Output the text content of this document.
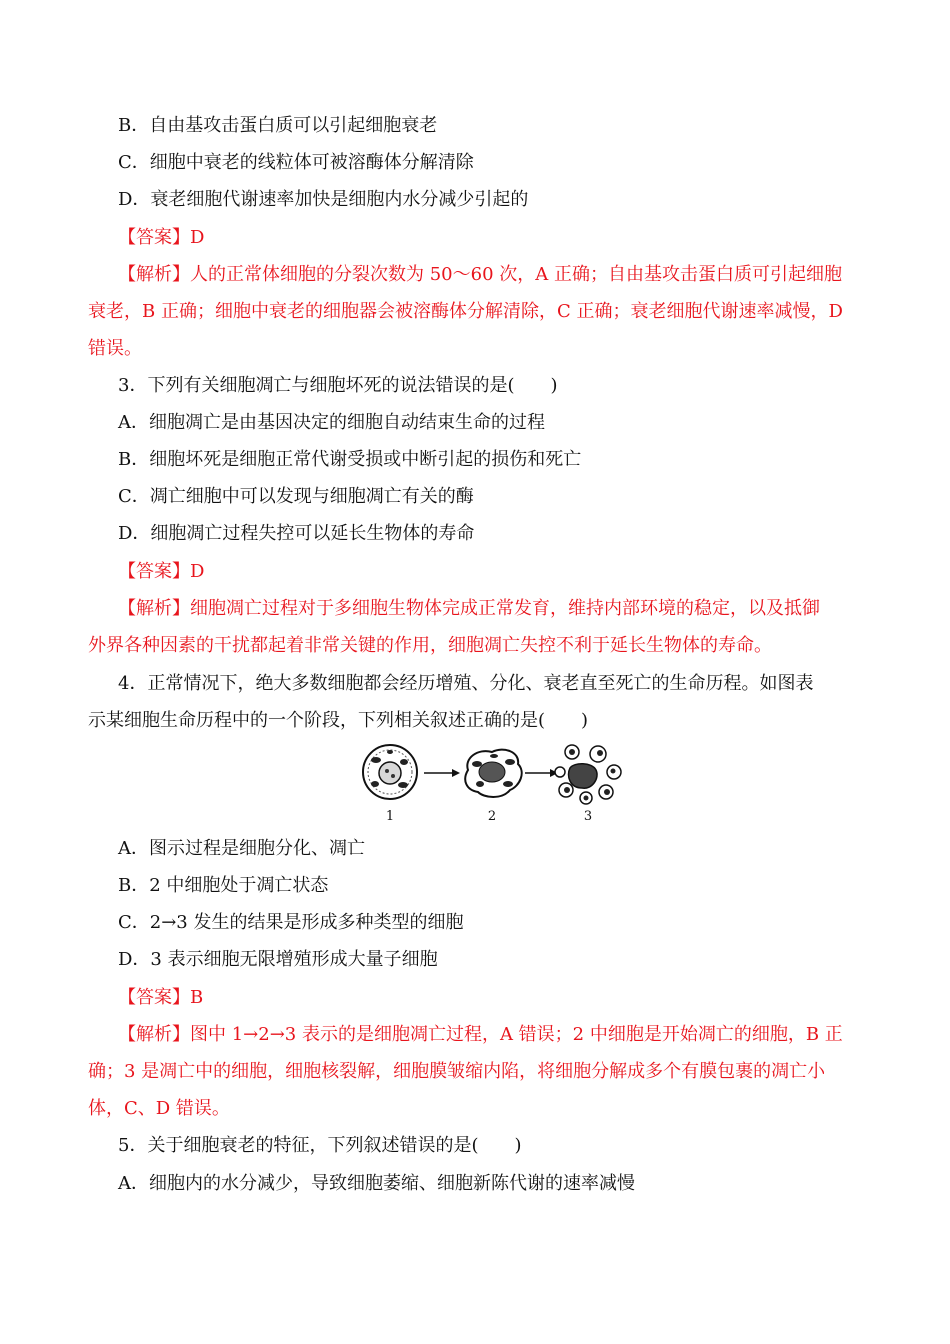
B．自由基攻击蛋白质可以引起细胞衰老
C．细胞中衰老的线粒体可被溶酶体分解清除
D．衰老细胞代谢速率加快是细胞内水分减少引起的
【答案】D
【解析】人的正常体细胞的分裂次数为 50～60 次，A 正确；自由基攻击蛋白质可引起细胞
衰老，B 正确；细胞中衰老的细胞器会被溶酶体分解清除，C 正确；衰老细胞代谢速率减慢，D
错误。
3．下列有关细胞凋亡与细胞坏死的说法错误的是(　　)
A．细胞凋亡是由基因决定的细胞自动结束生命的过程
B．细胞坏死是细胞正常代谢受损或中断引起的损伤和死亡
C．凋亡细胞中可以发现与细胞凋亡有关的酶
D．细胞凋亡过程失控可以延长生物体的寿命
【答案】D
【解析】细胞凋亡过程对于多细胞生物体完成正常发育，维持内部环境的稳定，以及抵御
外界各种因素的干扰都起着非常关键的作用，细胞凋亡失控不利于延长生物体的寿命。
4．正常情况下，绝大多数细胞都会经历增殖、分化、衰老直至死亡的生命历程。如图表
示某细胞生命历程中的一个阶段，下列相关叙述正确的是(　　)
1	2	3
A．图示过程是细胞分化、凋亡
B．2 中细胞处于凋亡状态
C．2→3 发生的结果是形成多种类型的细胞
D．3 表示细胞无限增殖形成大量子细胞
【答案】B
【解析】图中 1→2→3 表示的是细胞凋亡过程，A 错误；2 中细胞是开始凋亡的细胞，B 正
确；3 是凋亡中的细胞，细胞核裂解，细胞膜皱缩内陷，将细胞分解成多个有膜包裹的凋亡小
体，C、D 错误。
5．关于细胞衰老的特征，下列叙述错误的是(　　)
A．细胞内的水分减少，导致细胞萎缩、细胞新陈代谢的速率减慢
